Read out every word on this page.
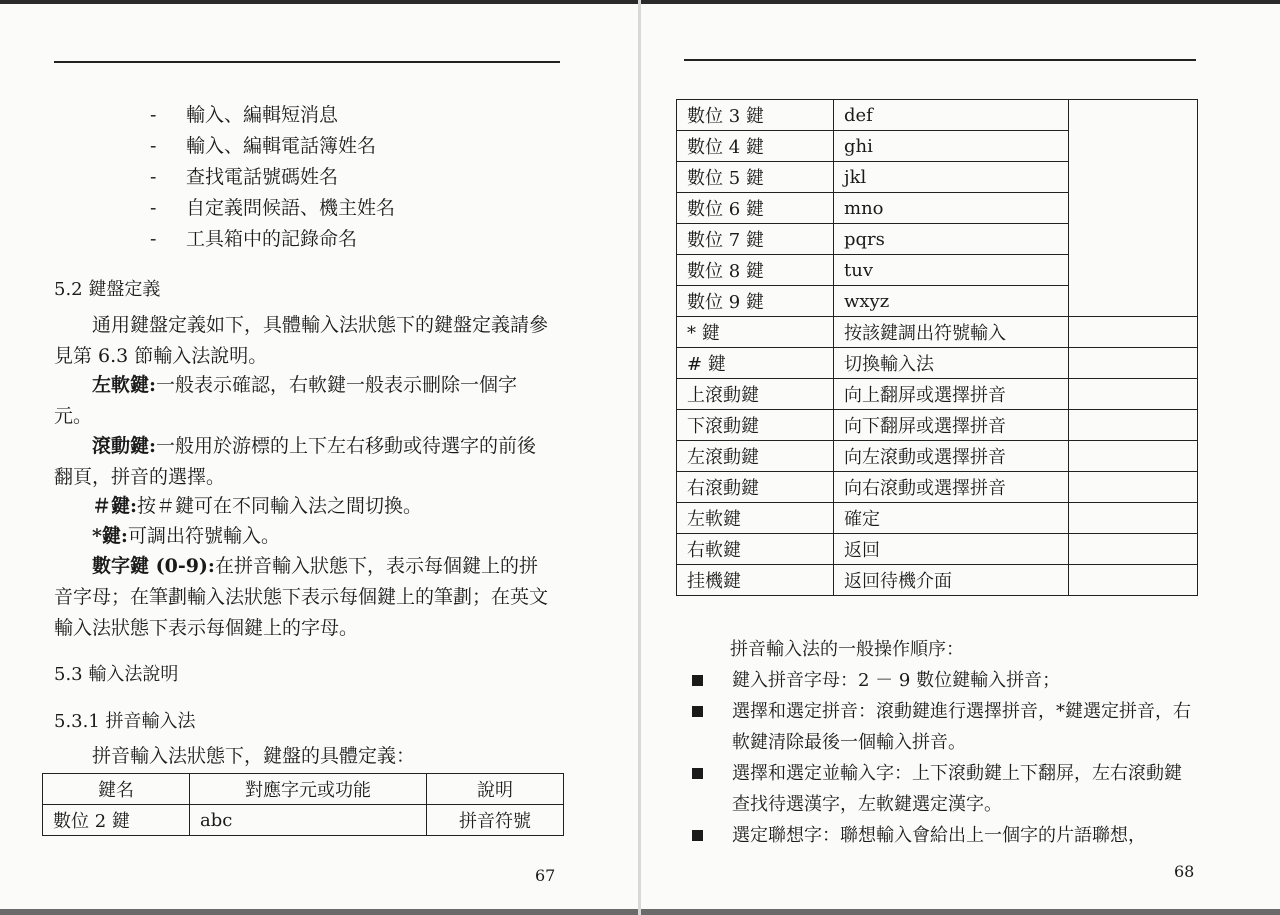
- 輸入、編輯短消息
- 輸入、編輯電話簿姓名
- 查找電話號碼姓名
- 自定義問候語、機主姓名
- 工具箱中的記錄命名
5.2 鍵盤定義

通用鍵盤定義如下，具體輸入法狀態下的鍵盤定義請參見第 6.3 節輸入法說明。

左軟鍵:一般表示確認，右軟鍵一般表示刪除一個字元。

滾動鍵:一般用於游標的上下左右移動或待選字的前後翻頁，拼音的選擇。

＃鍵:按＃鍵可在不同輸入法之間切換。

*鍵:可調出符號輸入。

數字鍵 (0-9):在拼音輸入狀態下，表示每個鍵上的拼音字母；在筆劃輸入法狀態下表示每個鍵上的筆劃；在英文輸入法狀態下表示每個鍵上的字母。

5.3 輸入法說明
5.3.1 拼音輸入法

拼音輸入法狀態下，鍵盤的具體定義：

鍵名	對應字元或功能	說明
數位 2 鍵	abc	拼音符號
67
數位 3 鍵	def	
數位 4 鍵	ghi	
數位 5 鍵	jkl	
數位 6 鍵	mno	
數位 7 鍵	pqrs	
數位 8 鍵	tuv	
數位 9 鍵	wxyz	
* 鍵	按該鍵調出符號輸入	
# 鍵	切換輸入法	
上滾動鍵	向上翻屏或選擇拼音	
下滾動鍵	向下翻屏或選擇拼音	
左滾動鍵	向左滾動或選擇拼音	
右滾動鍵	向右滾動或選擇拼音	
左軟鍵	確定	
右軟鍵	返回	
挂機鍵	返回待機介面	
拼音輸入法的一般操作順序：
鍵入拼音字母：2 － 9 數位鍵輸入拼音；
選擇和選定拼音：滾動鍵進行選擇拼音，*鍵選定拼音，右軟鍵清除最後一個輸入拼音。
選擇和選定並輸入字：上下滾動鍵上下翻屏，左右滾動鍵查找待選漢字，左軟鍵選定漢字。
選定聯想字：聯想輸入會給出上一個字的片語聯想，
68
